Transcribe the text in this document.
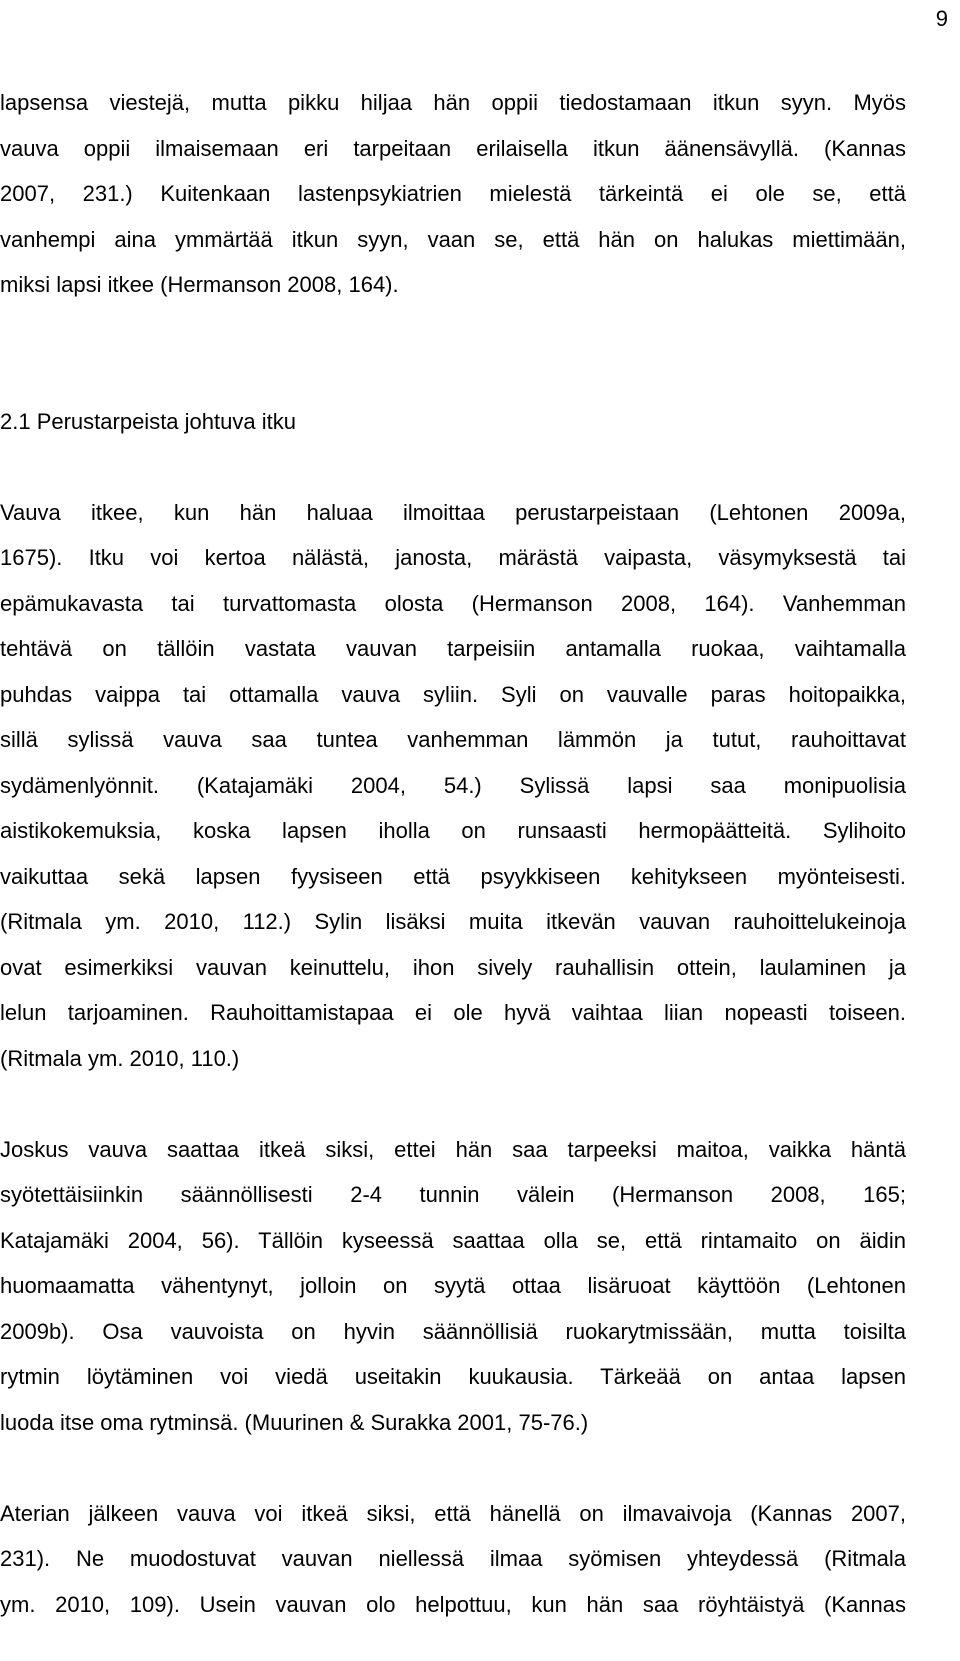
9
lapsensa viestejä, mutta pikku hiljaa hän oppii tiedostamaan itkun syyn. Myös
vauva oppii ilmaisemaan eri tarpeitaan erilaisella itkun äänensävyllä. (Kannas
2007, 231.) Kuitenkaan lastenpsykiatrien mielestä tärkeintä ei ole se, että
vanhempi aina ymmärtää itkun syyn, vaan se, että hän on halukas miettimään,
miksi lapsi itkee (Hermanson 2008, 164).
2.1 Perustarpeista johtuva itku
Vauva itkee, kun hän haluaa ilmoittaa perustarpeistaan (Lehtonen 2009a,
1675). Itku voi kertoa nälästä, janosta, märästä vaipasta, väsymyksestä tai
epämukavasta tai turvattomasta olosta (Hermanson 2008, 164). Vanhemman
tehtävä on tällöin vastata vauvan tarpeisiin antamalla ruokaa, vaihtamalla
puhdas vaippa tai ottamalla vauva syliin. Syli on vauvalle paras hoitopaikka,
sillä sylissä vauva saa tuntea vanhemman lämmön ja tutut, rauhoittavat
sydämenlyönnit. (Katajamäki 2004, 54.) Sylissä lapsi saa monipuolisia
aistikokemuksia, koska lapsen iholla on runsaasti hermopäätteitä. Sylihoito
vaikuttaa sekä lapsen fyysiseen että psyykkiseen kehitykseen myönteisesti.
(Ritmala ym. 2010, 112.) Sylin lisäksi muita itkevän vauvan rauhoittelukeinoja
ovat esimerkiksi vauvan keinuttelu, ihon sively rauhallisin ottein, laulaminen ja
lelun tarjoaminen. Rauhoittamistapaa ei ole hyvä vaihtaa liian nopeasti toiseen.
(Ritmala ym. 2010, 110.)
Joskus vauva saattaa itkeä siksi, ettei hän saa tarpeeksi maitoa, vaikka häntä
syötettäisiinkin säännöllisesti 2-4 tunnin välein (Hermanson 2008, 165;
Katajamäki 2004, 56). Tällöin kyseessä saattaa olla se, että rintamaito on äidin
huomaamatta vähentynyt, jolloin on syytä ottaa lisäruoat käyttöön (Lehtonen
2009b). Osa vauvoista on hyvin säännöllisiä ruokarytmissään, mutta toisilta
rytmin löytäminen voi viedä useitakin kuukausia. Tärkeää on antaa lapsen
luoda itse oma rytminsä. (Muurinen & Surakka 2001, 75-76.)
Aterian jälkeen vauva voi itkeä siksi, että hänellä on ilmavaivoja (Kannas 2007,
231). Ne muodostuvat vauvan niellessä ilmaa syömisen yhteydessä (Ritmala
ym. 2010, 109). Usein vauvan olo helpottuu, kun hän saa röyhtäistyä (Kannas
